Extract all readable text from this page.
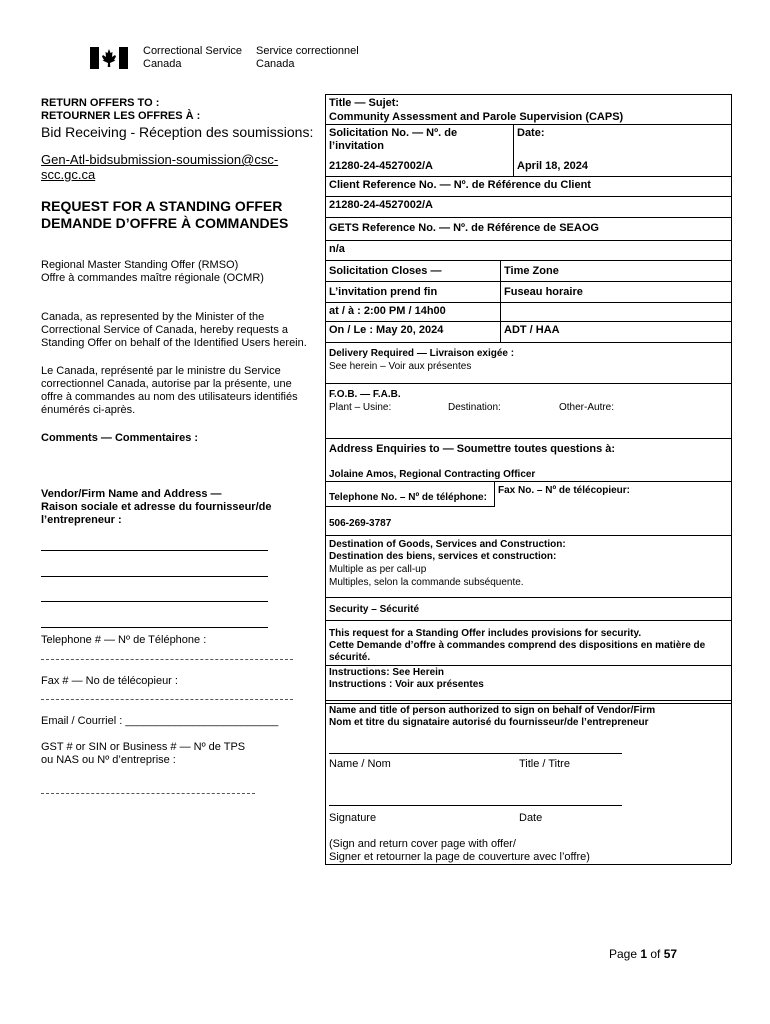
Correctional Service
Canada
Service correctionnel
Canada
RETURN OFFERS TO :
RETOURNER LES OFFRES À :
Bid Receiving - Réception des soumissions:
Gen-Atl-bidsubmission-soumission@csc-
scc.gc.ca
REQUEST FOR A STANDING OFFER
DEMANDE D’OFFRE À COMMANDES
Regional Master Standing Offer (RMSO)
Offre à commandes maître régionale (OCMR)
Canada, as represented by the Minister of the
Correctional Service of Canada, hereby requests a
Standing Offer on behalf of the Identified Users herein.
Le Canada, représenté par le ministre du Service
correctionnel Canada, autorise par la présente, une
offre à commandes au nom des utilisateurs identifiés
énumérés ci-après.
Comments — Commentaires :
Vendor/Firm Name and Address —
Raison sociale et adresse du fournisseur/de
l’entrepreneur :
Telephone # — Nº de Téléphone :
Fax # — No de télécopieur :
Email / Courriel : _________________________
GST # or SIN or Business # — Nº de TPS
ou NAS ou Nº d’entreprise :
Title — Sujet:
Community Assessment and Parole Supervision (CAPS)
Solicitation No. — Nº. de
l’invitation
Date:
21280-24-4527002/A	April 18, 2024
Client Reference No. — Nº. de Référence du Client
21280-24-4527002/A
GETS Reference No. — Nº. de Référence de SEAOG
n/a
Solicitation Closes —	Time Zone
L’invitation prend fin	Fuseau horaire
at / à : 2:00 PM / 14h00
On / Le : May 20, 2024	ADT / HAA
Delivery Required — Livraison exigée :
See herein – Voir aux présentes
F.O.B. — F.A.B.
Plant – Usine:	Destination:	Other-Autre:
Address Enquiries to — Soumettre toutes questions à:
Jolaine Amos, Regional Contracting Officer
Telephone No. – Nº de téléphone:
Fax No. – Nº de télécopieur:
506-269-3787
Destination of Goods, Services and Construction:
Destination des biens, services et construction:
Multiple as per call-up
Multiples, selon la commande subséquente.
Security – Sécurité
This request for a Standing Offer includes provisions for security.
Cette Demande d’offre à commandes comprend des dispositions en matière de
sécurité.
Instructions: See Herein
Instructions : Voir aux présentes
Name and title of person authorized to sign on behalf of Vendor/Firm
Nom et titre du signataire autorisé du fournisseur/de l’entrepreneur
Name / Nom	Title / Titre
Signature	Date
(Sign and return cover page with offer/
Signer et retourner la page de couverture avec l’offre)
Page 1 of 57
